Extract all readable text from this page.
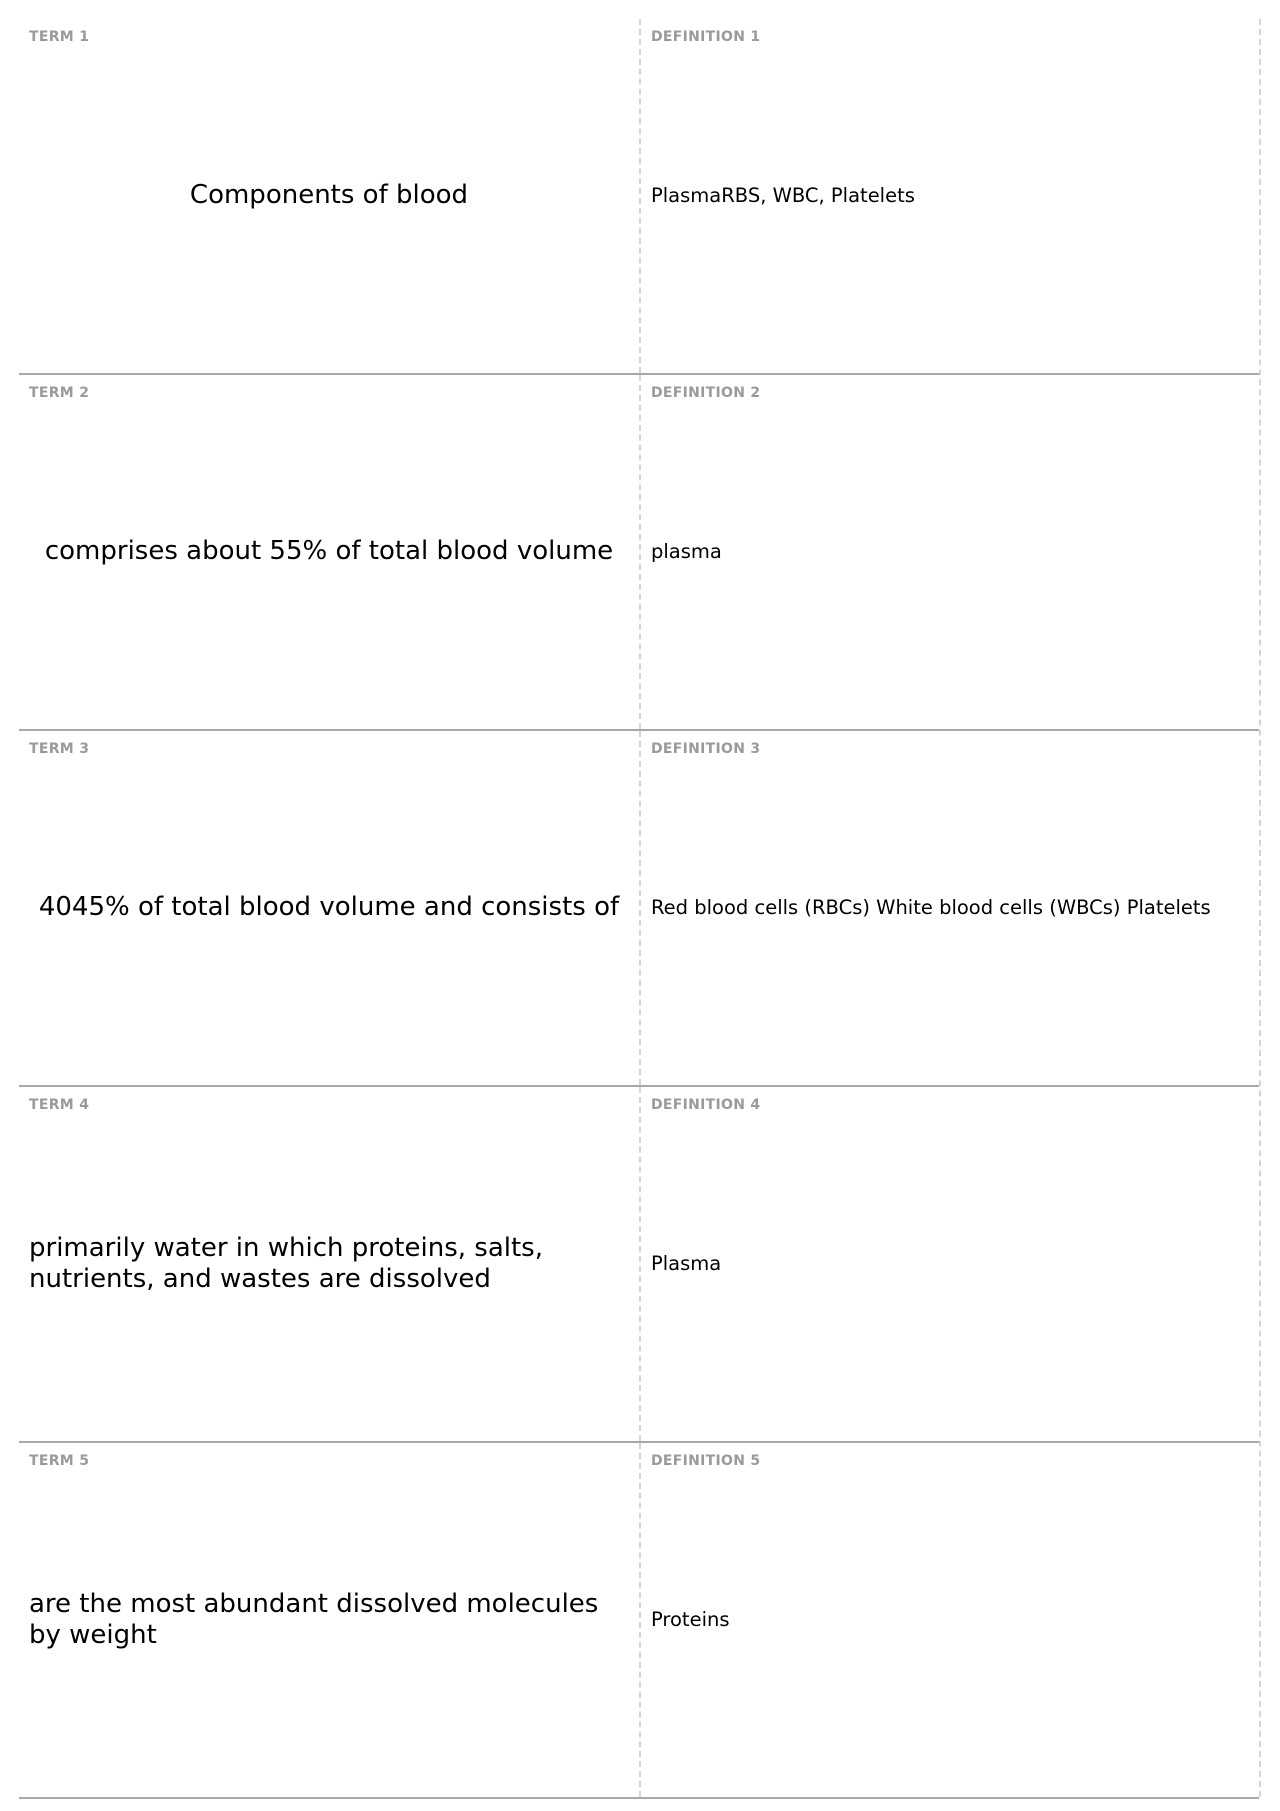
TERM 1
Components of blood
DEFINITION 1
PlasmaRBS, WBC, Platelets
TERM 2
comprises about 55% of total blood volume
DEFINITION 2
plasma
TERM 3
4045% of total blood volume and consists of
DEFINITION 3
Red blood cells (RBCs) White blood cells (WBCs) Platelets
TERM 4
primarily water in which proteins, salts, nutrients, and wastes are dissolved
DEFINITION 4
Plasma
TERM 5
are the most abundant dissolved molecules by weight
DEFINITION 5
Proteins
